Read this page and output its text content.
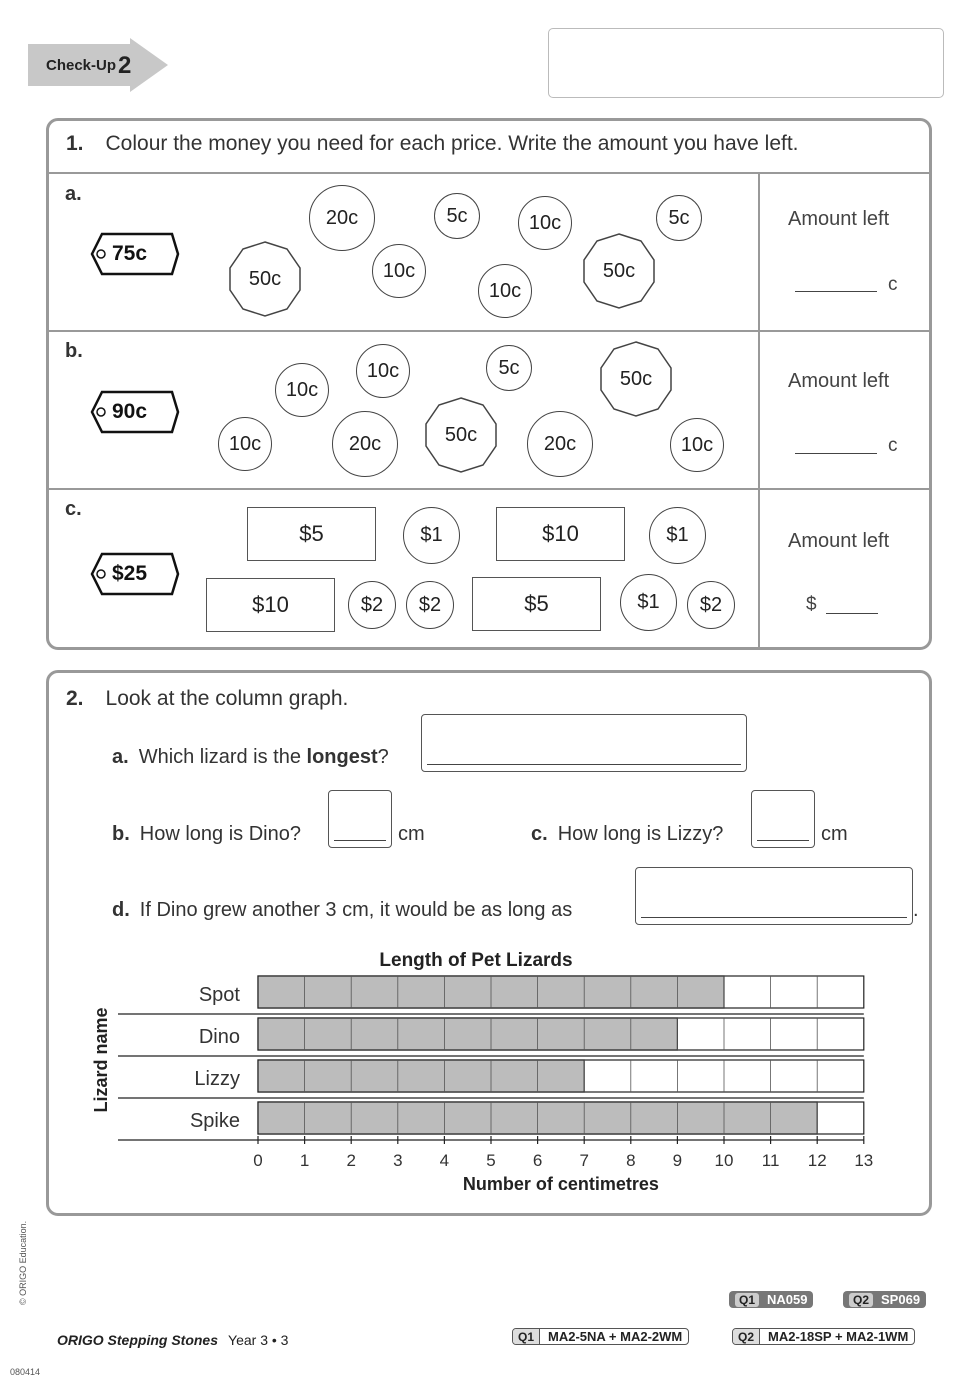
Check-Up2
1. Colour the money you need for each price. Write the amount you have left.
a.
75c
20c	5c	10c	5c
50c	10c
10c
50c
Amount left
c
b.
90c
10c	5c
10c	50c
10c	20c	50c	20c	10c
Amount left
c
c.
$25
$5	$1	$10	$1
$10	$2 $2	$5	$1 $2
Amount left
$
2. Look at the column graph.
a. Which lizard is the longest?
b. How long is Dino?	cm	c. How long is Lizzy?	cm
d. If Dino grew another 3 cm, it would be as long as	.
Length of Pet Lizards
Spot
Dino
Lizzy
Spike
0 1 2 3 4 5 6 7 8 9 10 11 12 13
Number of centimetres
Lizard name
© ORIGO Education.	Q1 NA059	Q2 SP069
ORIGO Stepping Stones Year 3 • 3	Q1	MA2-5NA + MA2-2WM	Q2	MA2-18SP + MA2-1WM
080414
